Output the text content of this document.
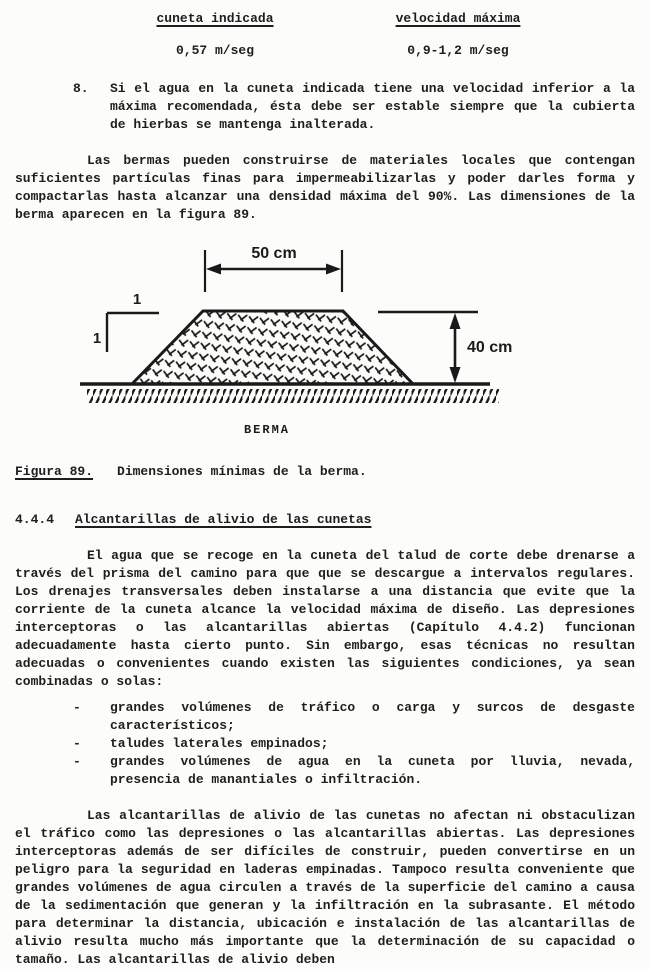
cuneta indicada	velocidad máxima
0,57 m/seg	0,9-1,2 m/seg
8.	Si el agua en la cuneta indicada tiene una velocidad inferior a la máxima recomendada, ésta debe ser estable siempre que la cubierta de hierbas se mantenga inalterada.

Las bermas pueden construirse de materiales locales que contengan suficientes partículas finas para impermeabilizarlas y poder darles forma y compactarlas hasta alcanzar una densidad máxima del 90%. Las dimensiones de la berma aparecen en la figura 89.

50 cm
1
1
40 cm
BERMA
Figura 89. Dimensiones mínimas de la berma.
4.4.4	Alcantarillas de alivio de las cunetas

El agua que se recoge en la cuneta del talud de corte debe drenarse a través del prisma del camino para que que se descargue a intervalos regulares. Los drenajes transversales deben instalarse a una distancia que evite que la corriente de la cuneta alcance la velocidad máxima de diseño. Las depresiones interceptoras o las alcantarillas abiertas (Capítulo 4.4.2) funcionan adecuadamente hasta cierto punto. Sin embargo, esas técnicas no resultan adecuadas o convenientes cuando existen las siguientes condiciones, ya sean combinadas o solas:

-	grandes volúmenes de tráfico o carga y surcos de desgaste característicos;
-	taludes laterales empinados;
-	grandes volúmenes de agua en la cuneta por lluvia, nevada, presencia de manantiales o infiltración.

Las alcantarillas de alivio de las cunetas no afectan ni obstaculizan el tráfico como las depresiones o las alcantarillas abiertas. Las depresiones interceptoras además de ser difíciles de construir, pueden convertirse en un peligro para la seguridad en laderas empinadas. Tampoco resulta conveniente que grandes volúmenes de agua circulen a través de la superficie del camino a causa de la sedimentación que generan y la infiltración en la subrasante. El método para determinar la distancia, ubicación e instalación de las alcantarillas de alivio resulta mucho más importante que la determinación de su capacidad o tamaño. Las alcantarillas de alivio deben
